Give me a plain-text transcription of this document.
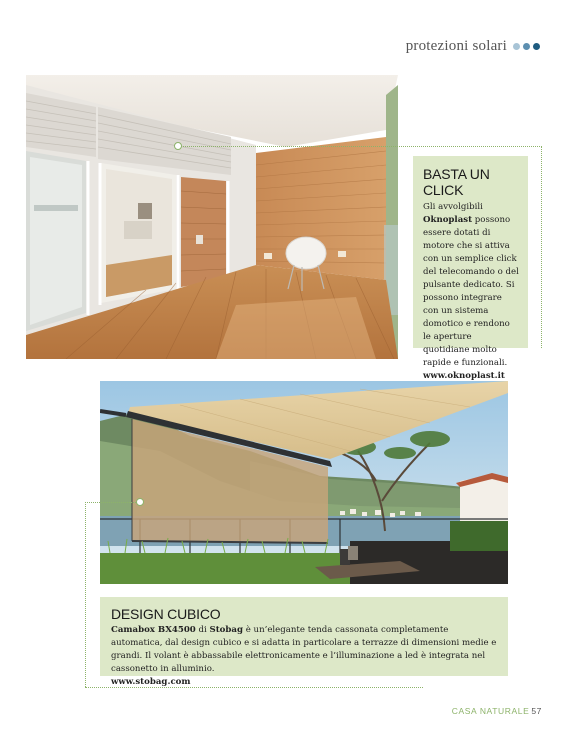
protezioni solari
BASTA UN CLICK
Gli avvolgibili Oknoplast possono essere dotati di motore che si attiva con un semplice click del telecomando o del pulsante dedicato. Si possono integrare con un sistema domotico e rendono le aperture quotidiane molto rapide e funzionali.
www.oknoplast.it
DESIGN CUBICO
Camabox BX4500 di Stobag è un’elegante tenda cassonata completamente automatica, dal design cubico e si adatta in particolare a terrazze di dimensioni medie e grandi. Il volant è abbassabile elettronicamente e l’illuminazione a led è integrata nel cassonetto in alluminio.
www.stobag.com
CASA NATURALE 57
